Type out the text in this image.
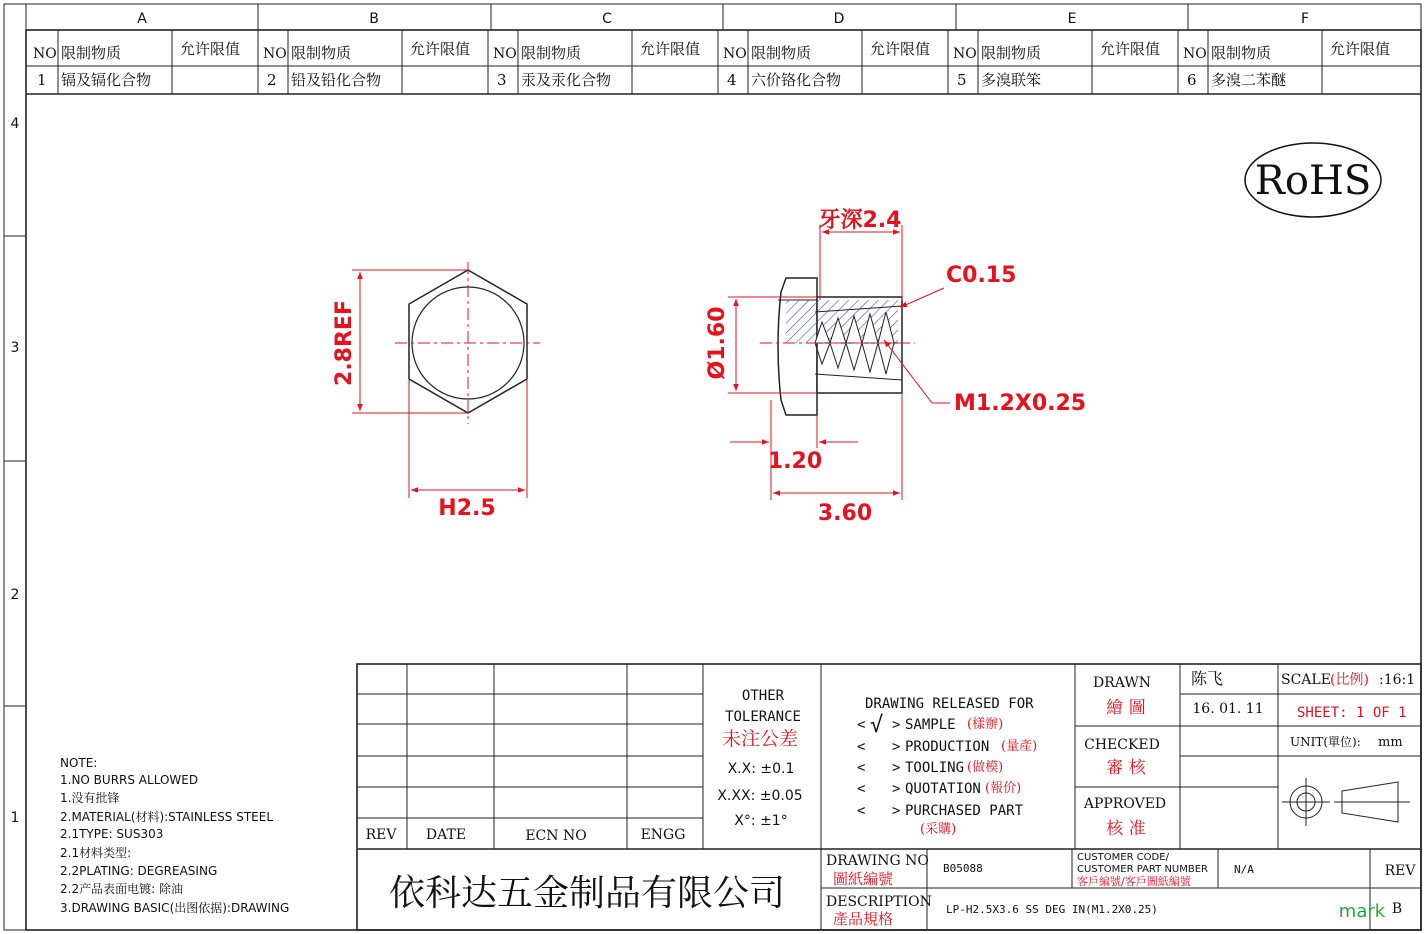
A	B	C	D	E	F
4
3
2
1
NO 限制物质	允许限值 NO 限制物质	允许限值 NO 限制物质	允许限值 NO 限制物质	允许限值 NO 限制物质	允许限值 NO 限制物质	允许限值
1 镉及镉化合物	2 铅及铅化合物	3 汞及汞化合物	4 六价铬化合物	5 多溴联笨	6 多溴二苯醚
RoHS
2.8REF
H2.5
牙深2.4
C0.15
Ø1.60
M1.2X0.25
1.20
3.60
NOTE:
1.NO BURRS ALLOWED
1.没有批锋
2.MATERIAL(材料):STAINLESS STEEL
2.1TYPE: SUS303
2.1材料类型:
2.2PLATING: DEGREASING
2.2产品表面电镀: 除油
3.DRAWING BASIC(出图依据):DRAWING
REV DATE	ECN NO	ENGG
依科达五金制品有限公司
OTHER
TOLERANCE
未注公差
X.X: ±0.1
X.XX: ±0.05
X°: ±1°
DRAWING RELEASED FOR
< √ > SAMPLE (樣辦)
< > PRODUCTION (量產)
< > TOOLING (做模)
< > QUOTATION (報价)
< > PURCHASED PART
(采購)
DRAWN
繪 圖
陈飞
16. 01. 11
CHECKED
審 核
APPROVED
核 准
SCALE (比例) :16:1
SHEET: 1 OF 1
UNIT(單位): mm
DRAWING NO
圖紙編號
B05088
CUSTOMER CODE/
CUSTOMER PART NUMBER
客戶編號/客戶圖紙編號
N/A	REV
DESCRIPTION
產品規格
LP-H2.5X3.6 SS DEG IN(M1.2X0.25)	mark B
